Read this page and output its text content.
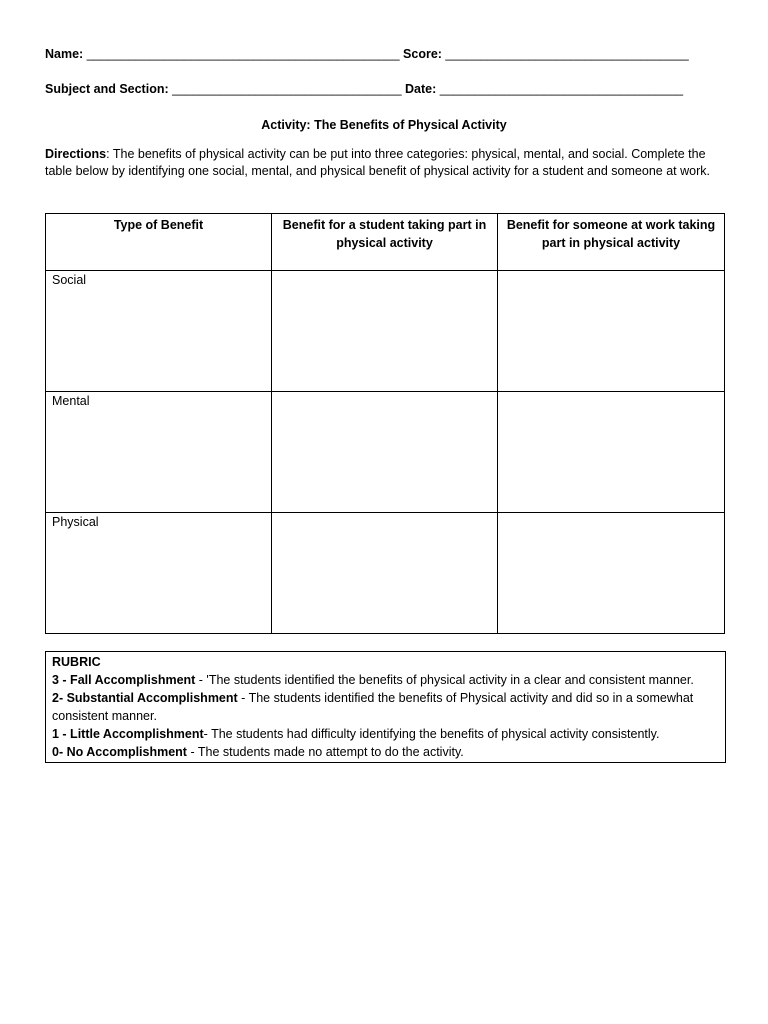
Name: _____________________________________________ Score: ___________________________________
Subject and Section: _________________________________ Date: ___________________________________
Activity: The Benefits of Physical Activity
Directions: The benefits of physical activity can be put into three categories: physical, mental, and social. Complete the table below by identifying one social, mental, and physical benefit of physical activity for a student and someone at work.
Type of Benefit	Benefit for a student taking part in physical activity	Benefit for someone at work taking part in physical activity
Social		
Mental		
Physical		
RUBRIC
3 - Fall Accomplishment - 'The students identified the benefits of physical activity in a clear and consistent manner.
2- Substantial Accomplishment - The students identified the benefits of Physical activity and did so in a somewhat consistent manner.
1 - Little Accomplishment- The students had difficulty identifying the benefits of physical activity consistently.
0- No Accomplishment - The students made no attempt to do the activity.
